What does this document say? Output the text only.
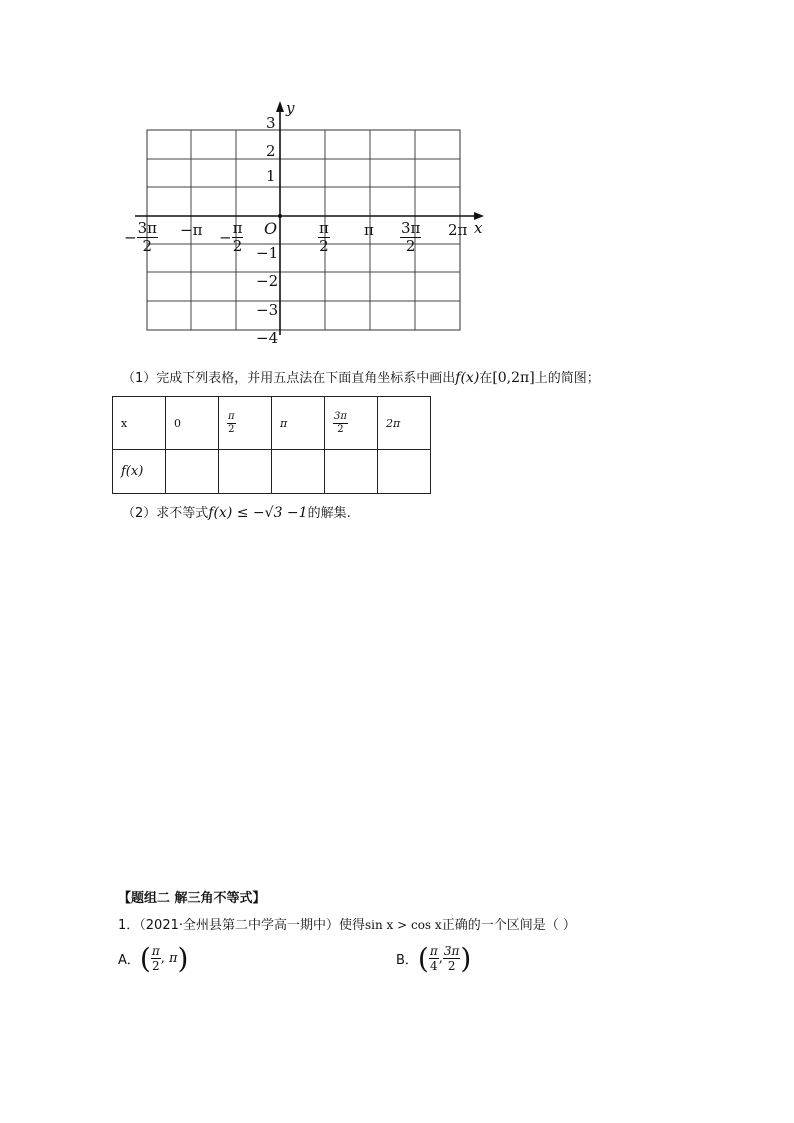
y
x
O
3
2
1
−1
−2
−3
−4
− $\frac{3\pi}{2} -\pi - \frac{\pi}{2}$	$\frac{\pi}{2}$ π $\frac{3\pi}{2} 2\pi$
（1）完成下列表格，并用五点法在下面直角坐标系中画出f(x)在[0,2π]上的简图；
x	0	$\frac{\pi}{2}$	π	$\frac{3\pi}{2}$	2π
f(x)					
（2）求不等式f(x) ≤ −√3 −1的解集.
【题组二 解三角不等式】
1．（2021·全州县第二中学高一期中）使得sin x > cos x正确的一个区间是（ ）
A．( $\frac{\pi}{2}$ , π)	B．( $\frac{\pi}{4}$ , $\frac{3\pi}{2}$ )
